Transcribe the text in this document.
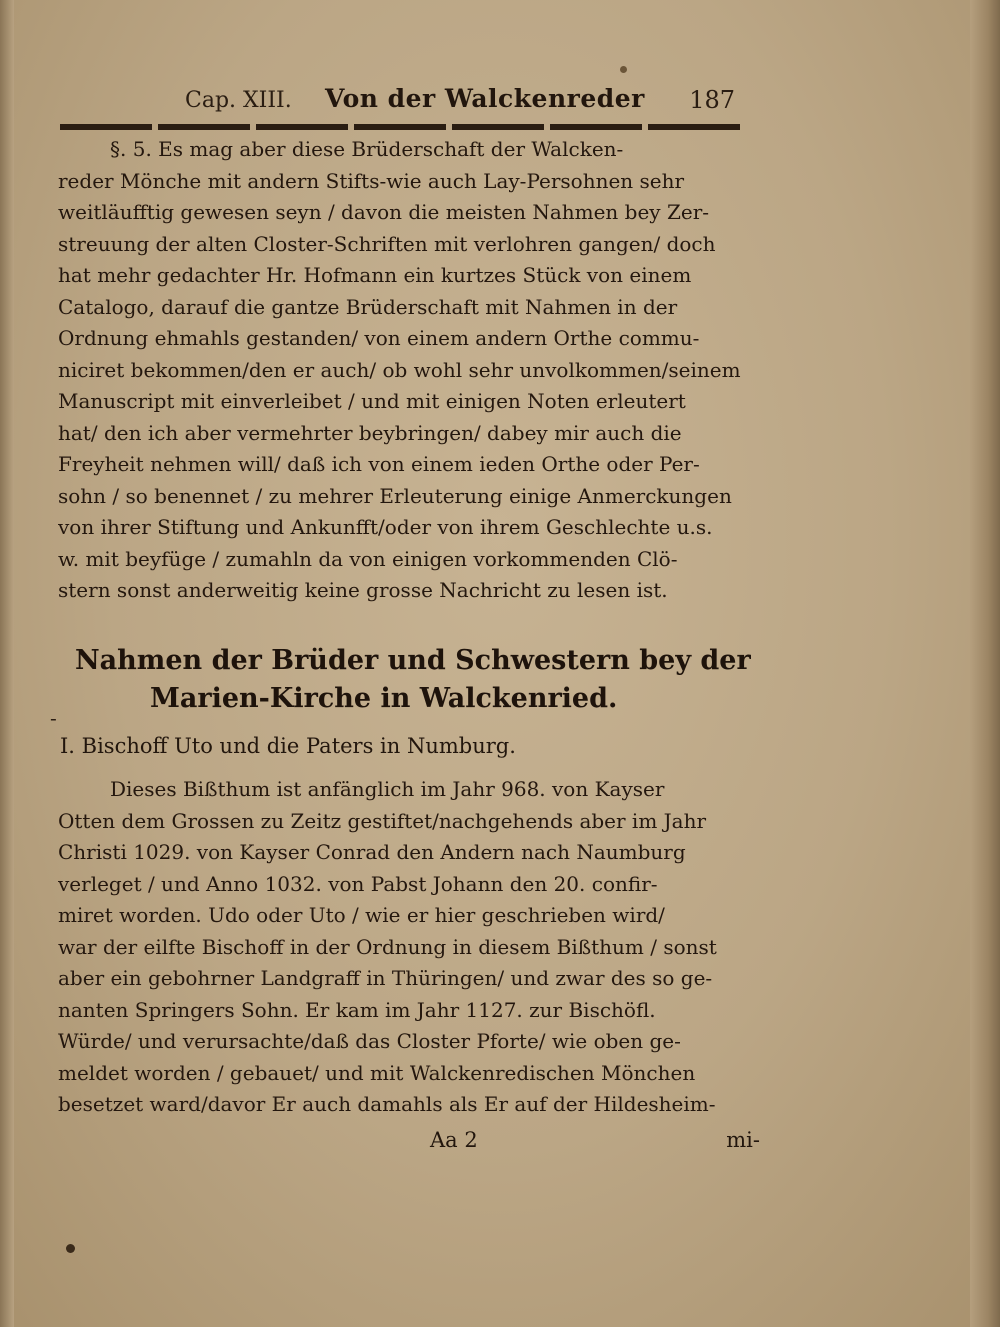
Cap. XIII. Von der Walckenreder 187
§. 5. Es mag aber diese Brüderschaft der Walcken-
reder Mönche mit andern Stifts-wie auch Lay-Persohnen sehr
weitläufftig gewesen seyn / davon die meisten Nahmen bey Zer-
streuung der alten Closter-Schriften mit verlohren gangen/ doch
hat mehr gedachter Hr. Hofmann ein kurtzes Stück von einem
Catalogo, darauf die gantze Brüderschaft mit Nahmen in der
Ordnung ehmahls gestanden/ von einem andern Orthe commu-
niciret bekommen/den er auch/ ob wohl sehr unvolkommen/seinem
Manuscript mit einverleibet / und mit einigen Noten erleutert
hat/ den ich aber vermehrter beybringen/ dabey mir auch die
Freyheit nehmen will/ daß ich von einem ieden Orthe oder Per-
sohn / so benennet / zu mehrer Erleuterung einige Anmerckungen
von ihrer Stiftung und Ankunfft/oder von ihrem Geschlechte u.s.
w. mit beyfüge / zumahln da von einigen vorkommenden Clö-
stern sonst anderweitig keine grosse Nachricht zu lesen ist.
Nahmen der Brüder und Schwestern bey der
Marien-Kirche in Walckenried.
-
I. Bischoff Uto und die Paters in Numburg.
Dieses Bißthum ist anfänglich im Jahr 968. von Kayser
Otten dem Grossen zu Zeitz gestiftet/nachgehends aber im Jahr
Christi 1029. von Kayser Conrad den Andern nach Naumburg
verleget / und Anno 1032. von Pabst Johann den 20. confir-
miret worden. Udo oder Uto / wie er hier geschrieben wird/
war der eilfte Bischoff in der Ordnung in diesem Bißthum / sonst
aber ein gebohrner Landgraff in Thüringen/ und zwar des so ge-
nanten Springers Sohn. Er kam im Jahr 1127. zur Bischöfl.
Würde/ und verursachte/daß das Closter Pforte/ wie oben ge-
meldet worden / gebauet/ und mit Walckenredischen Mönchen
besetzet ward/davor Er auch damahls als Er auf der Hildesheim-
Aa 2	mi-
